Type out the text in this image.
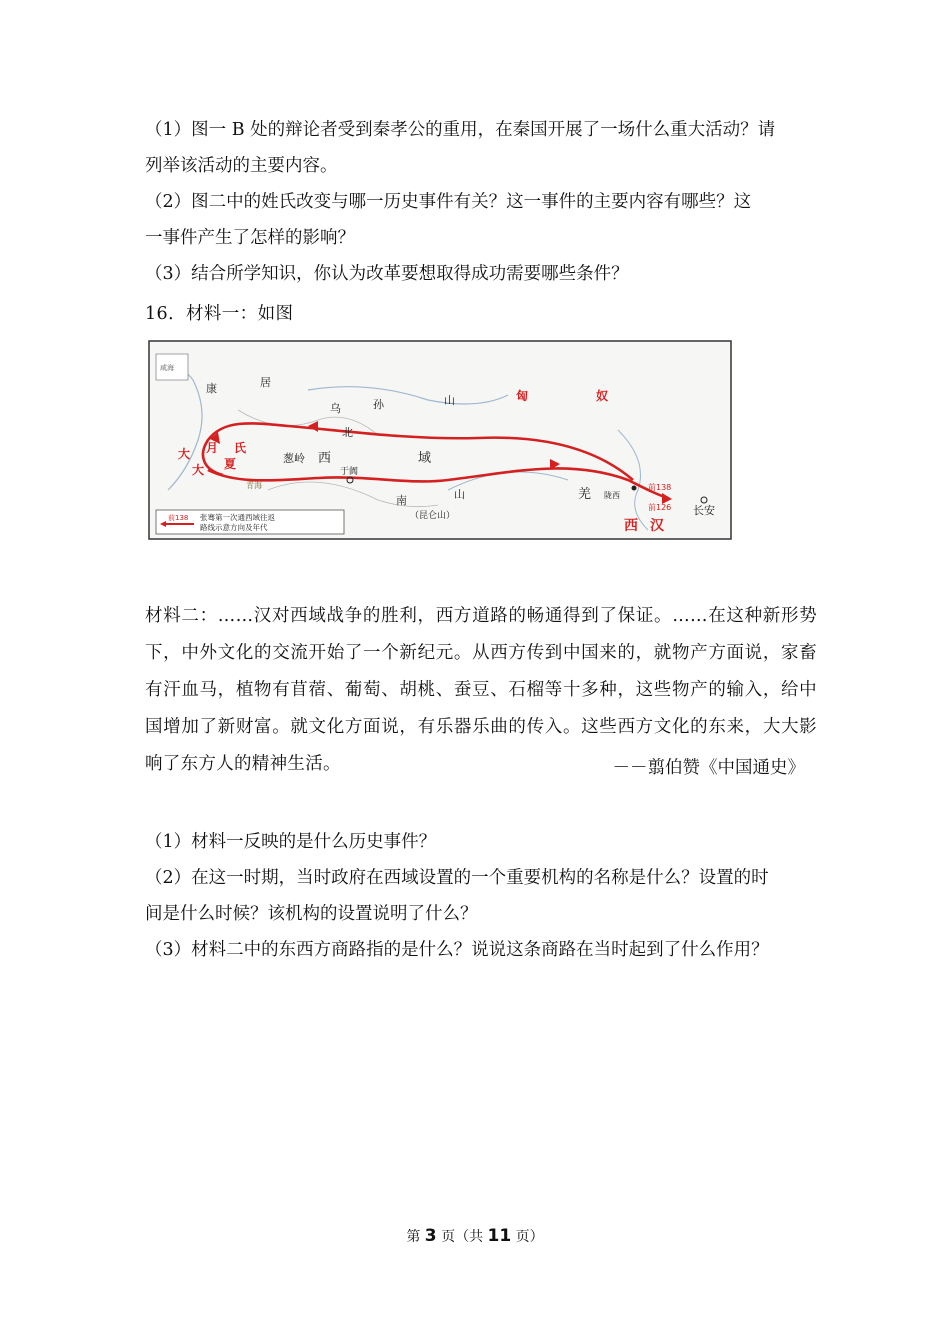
（1）图一 B 处的辩论者受到秦孝公的重用，在秦国开展了一场什么重大活动？请
列举该活动的主要内容。
（2）图二中的姓氏改变与哪一历史事件有关？这一事件的主要内容有哪些？这
一事件产生了怎样的影响？
（3）结合所学知识，你认为改革要想取得成功需要哪些条件？
16．材料一：如图
咸海
康	居
乌	孙	山
北
葱岭 西	域
羌
南	山
（昆仑山）
于阗
陇西
长安
青海
匈	奴
大 月 氏
大 夏
西 汉
前138
前126
前138 张骞第一次通西域往返
路线示意方向及年代
材料二：……汉对西域战争的胜利，西方道路的畅通得到了保证。……在这种新形势下，中外文化的交流开始了一个新纪元。从西方传到中国来的，就物产方面说，家畜有汗血马，植物有苜蓿、葡萄、胡桃、蚕豆、石榴等十多种，这些物产的输入，给中国增加了新财富。就文化方面说，有乐器乐曲的传入。这些西方文化的东来，大大影响了东方人的精神生活。	－－翦伯赞《中国通史》
（1）材料一反映的是什么历史事件？
（2）在这一时期，当时政府在西域设置的一个重要机构的名称是什么？设置的时
间是什么时候？该机构的设置说明了什么？
（3）材料二中的东西方商路指的是什么？说说这条商路在当时起到了什么作用？
第 3 页（共 11 页）
